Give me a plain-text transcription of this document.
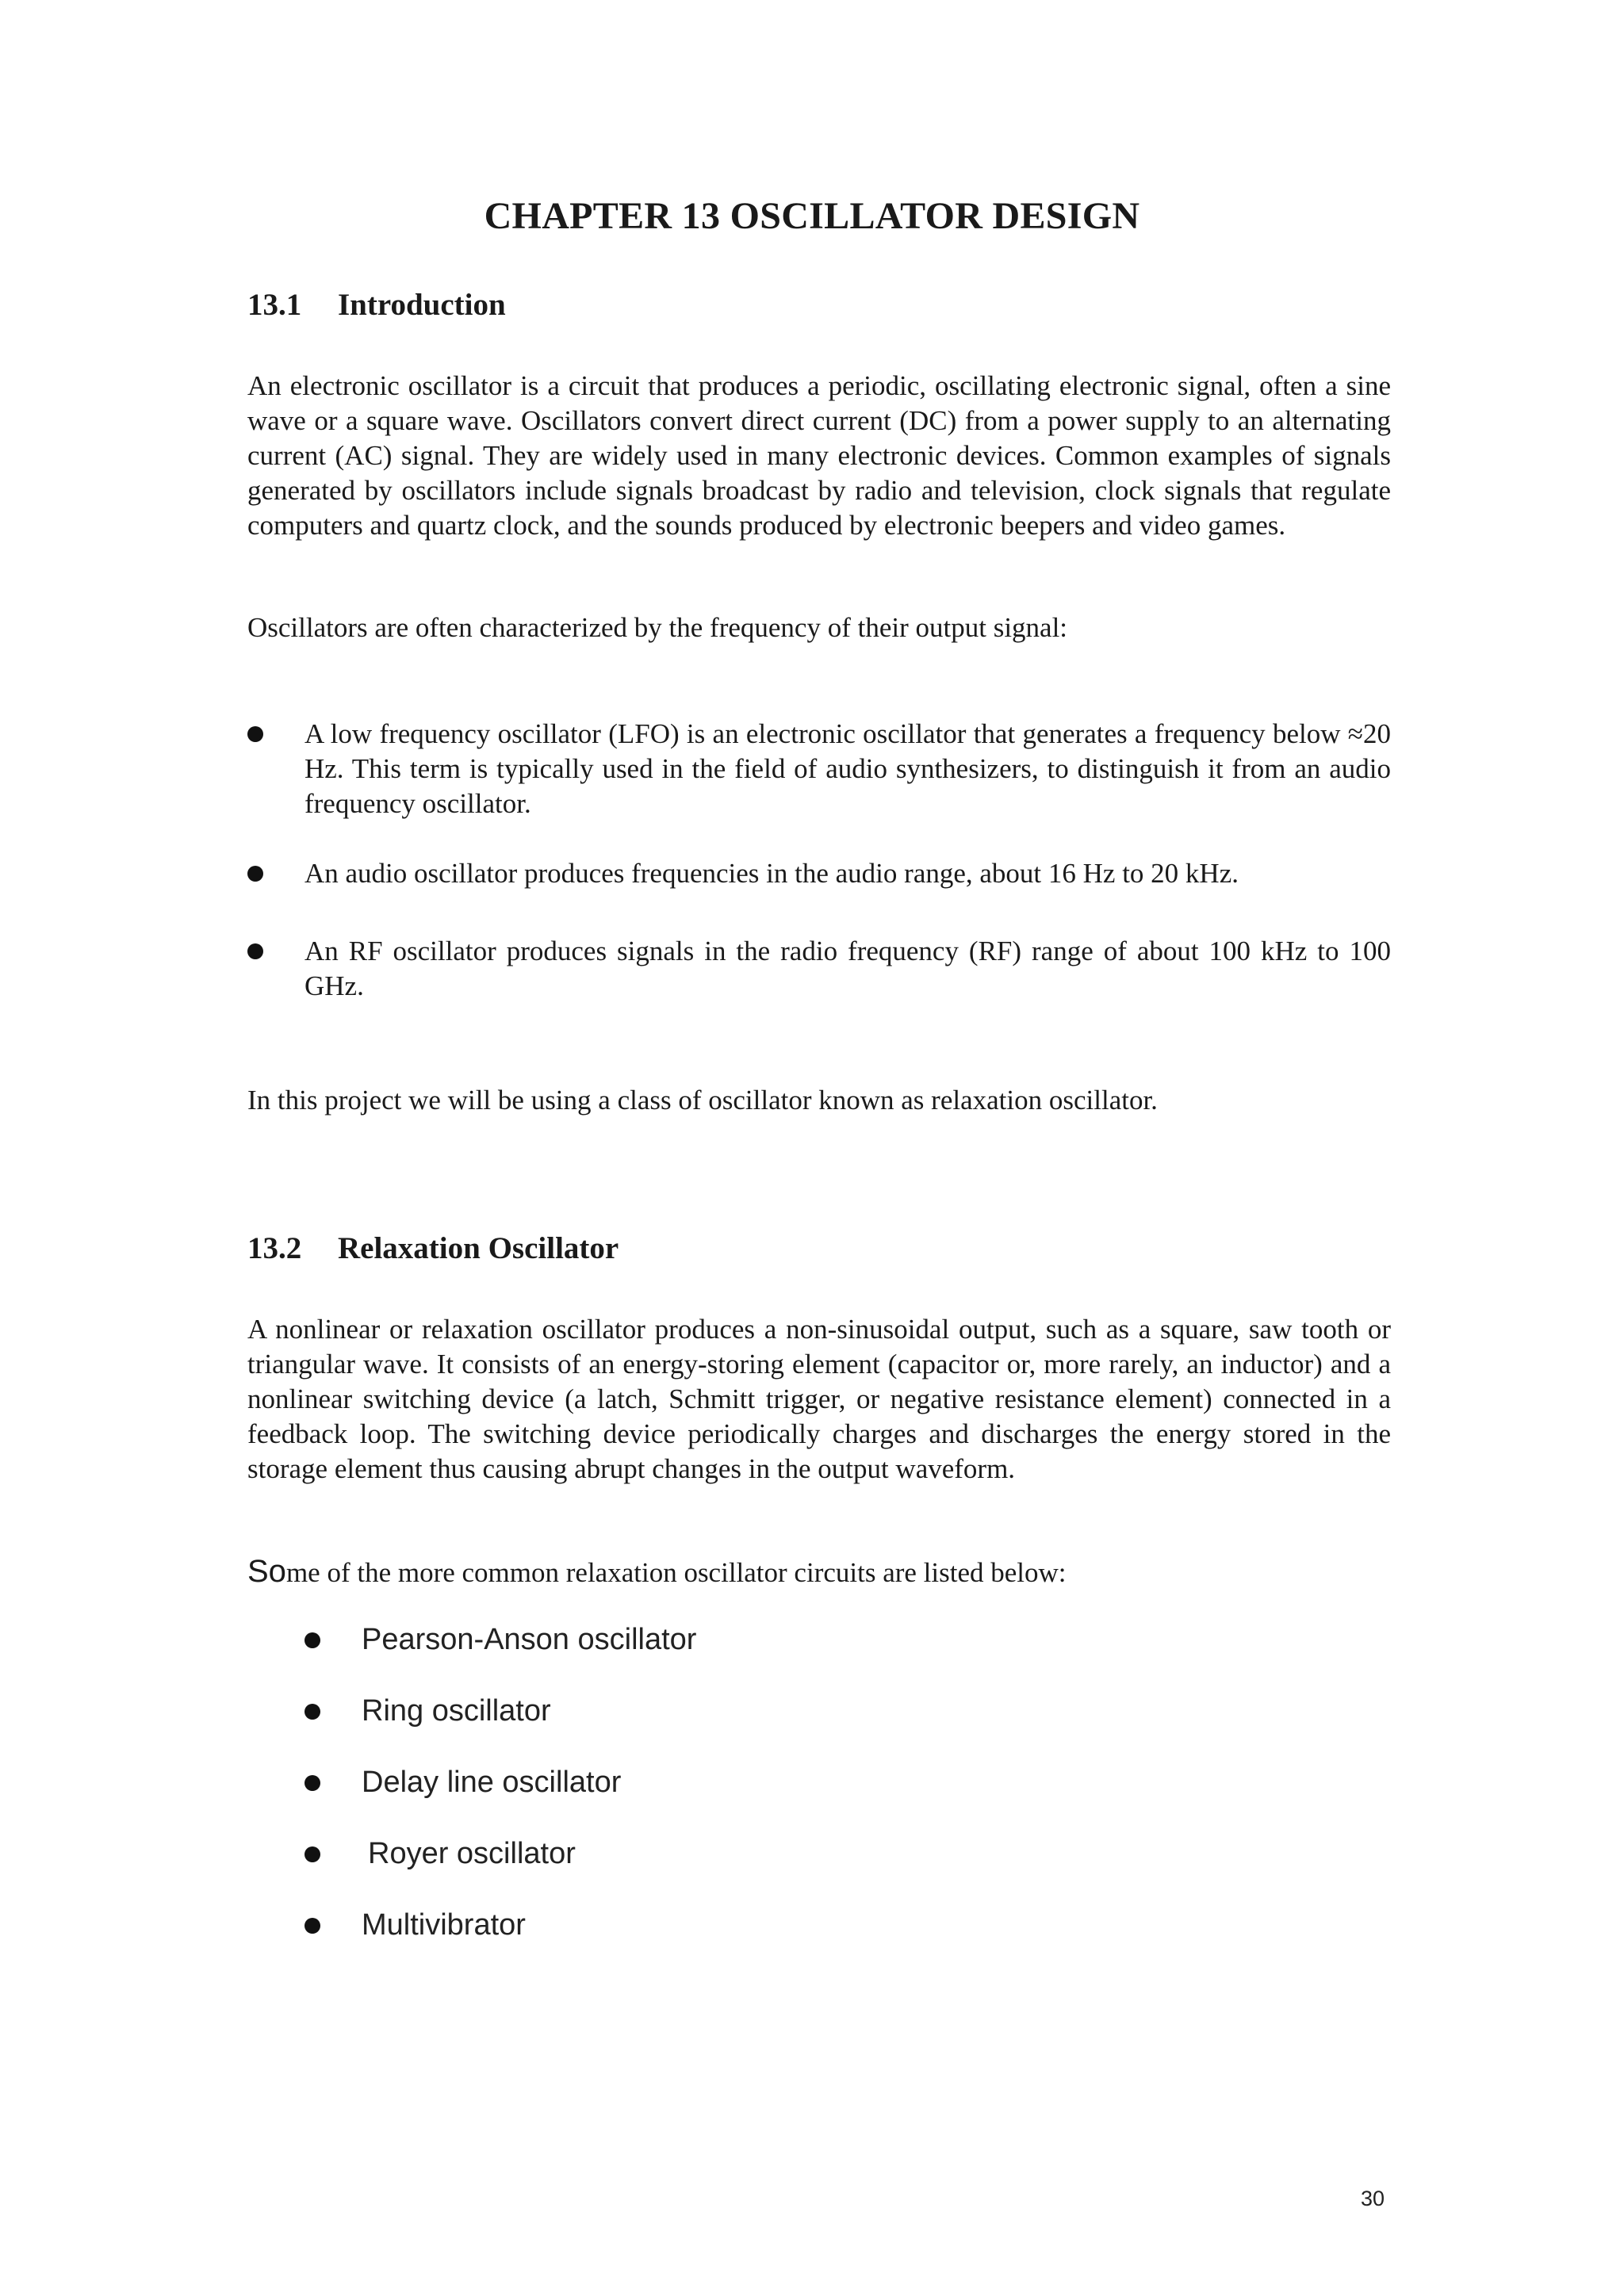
CHAPTER 13 OSCILLATOR DESIGN
13.1 Introduction

An electronic oscillator is a circuit that produces a periodic, oscillating electronic signal, often a sine wave or a square wave. Oscillators convert direct current (DC) from a power supply to an alternating current (AC) signal. They are widely used in many electronic devices. Common examples of signals generated by oscillators include signals broadcast by radio and television, clock signals that regulate computers and quartz clock, and the sounds produced by electronic beepers and video games.

Oscillators are often characterized by the frequency of their output signal:

A low frequency oscillator (LFO) is an electronic oscillator that generates a frequency below ≈20 Hz. This term is typically used in the field of audio synthesizers, to distinguish it from an audio frequency oscillator.
An audio oscillator produces frequencies in the audio range, about 16 Hz to 20 kHz.
An RF oscillator produces signals in the radio frequency (RF) range of about 100 kHz to 100 GHz.

In this project we will be using a class of oscillator known as relaxation oscillator.

13.2 Relaxation Oscillator

A nonlinear or relaxation oscillator produces a non-sinusoidal output, such as a square, saw tooth or triangular wave. It consists of an energy-storing element (capacitor or, more rarely, an inductor) and a nonlinear switching device (a latch, Schmitt trigger, or negative resistance element) connected in a feedback loop. The switching device periodically charges and discharges the energy stored in the storage element thus causing abrupt changes in the output waveform.

Some of the more common relaxation oscillator circuits are listed below:

Pearson-Anson oscillator
Ring oscillator
Delay line oscillator
Royer oscillator
Multivibrator

30
